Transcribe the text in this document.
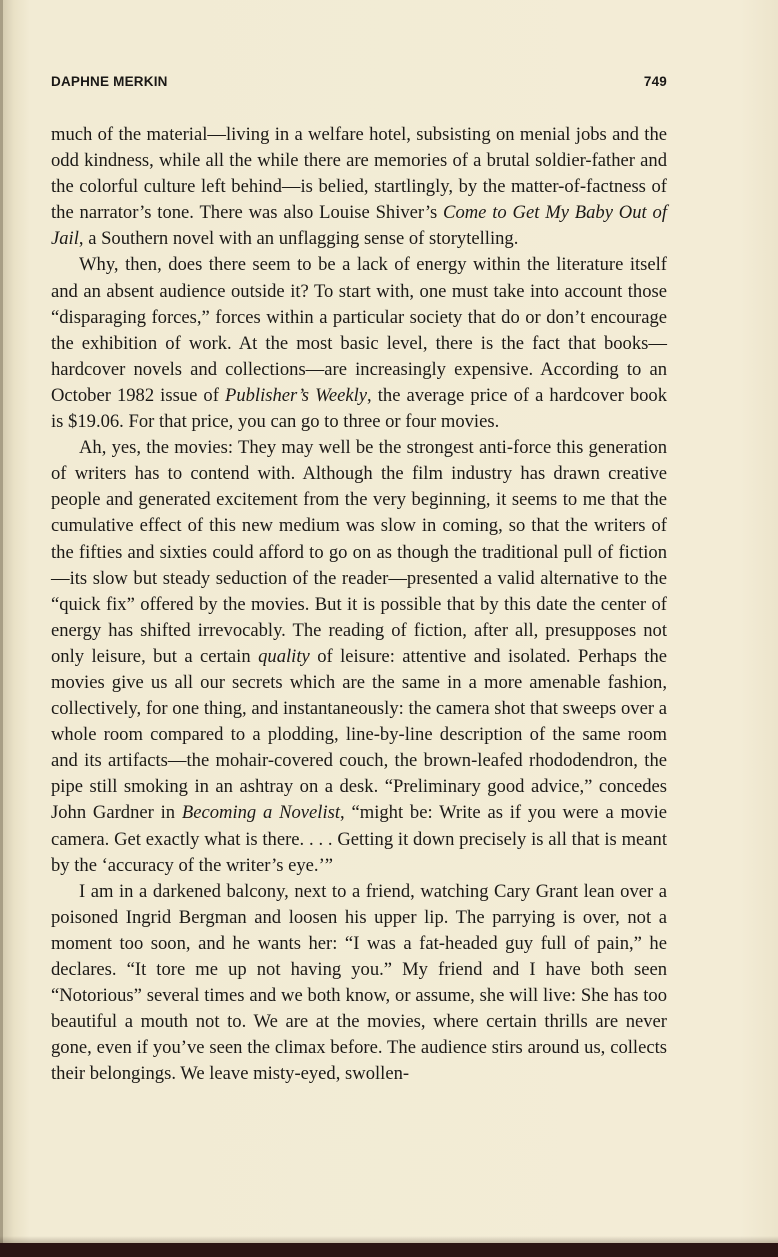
DAPHNE MERKIN	749

much of the material—living in a welfare hotel, subsisting on menial jobs and the odd kindness, while all the while there are memories of a brutal soldier-father and the colorful culture left behind—is belied, startlingly, by the matter-of-factness of the narrator’s tone. There was also Louise Shiver’s Come to Get My Baby Out of Jail, a Southern novel with an unflagging sense of storytelling.

Why, then, does there seem to be a lack of energy within the literature itself and an absent audience outside it? To start with, one must take into account those “disparaging forces,” forces within a particular society that do or don’t encourage the exhibition of work. At the most basic level, there is the fact that books—hardcover novels and collections—are increasingly expensive. According to an October 1982 issue of Publisher’s Weekly, the average price of a hardcover book is $19.06. For that price, you can go to three or four movies.

Ah, yes, the movies: They may well be the strongest anti-force this generation of writers has to contend with. Although the film industry has drawn creative people and generated excitement from the very beginning, it seems to me that the cumulative effect of this new medium was slow in coming, so that the writers of the fifties and sixties could afford to go on as though the traditional pull of fiction—its slow but steady seduction of the reader—presented a valid alternative to the “quick fix” offered by the movies. But it is possible that by this date the center of energy has shifted irrevocably. The reading of fiction, after all, presupposes not only leisure, but a certain quality of leisure: attentive and isolated. Perhaps the movies give us all our secrets which are the same in a more amenable fashion, collectively, for one thing, and instantaneously: the camera shot that sweeps over a whole room compared to a plodding, line-by-line description of the same room and its artifacts—the mohair-covered couch, the brown-leafed rhododendron, the pipe still smoking in an ashtray on a desk. “Preliminary good advice,” concedes John Gardner in Becoming a Novelist, “might be: Write as if you were a movie camera. Get exactly what is there. . . . Getting it down precisely is all that is meant by the ‘accuracy of the writer’s eye.’”

I am in a darkened balcony, next to a friend, watching Cary Grant lean over a poisoned Ingrid Bergman and loosen his upper lip. The parrying is over, not a moment too soon, and he wants her: “I was a fat-headed guy full of pain,” he declares. “It tore me up not having you.” My friend and I have both seen “Notorious” several times and we both know, or assume, she will live: She has too beautiful a mouth not to. We are at the movies, where certain thrills are never gone, even if you’ve seen the climax before. The audience stirs around us, collects their belongings. We leave misty-eyed, swollen-
